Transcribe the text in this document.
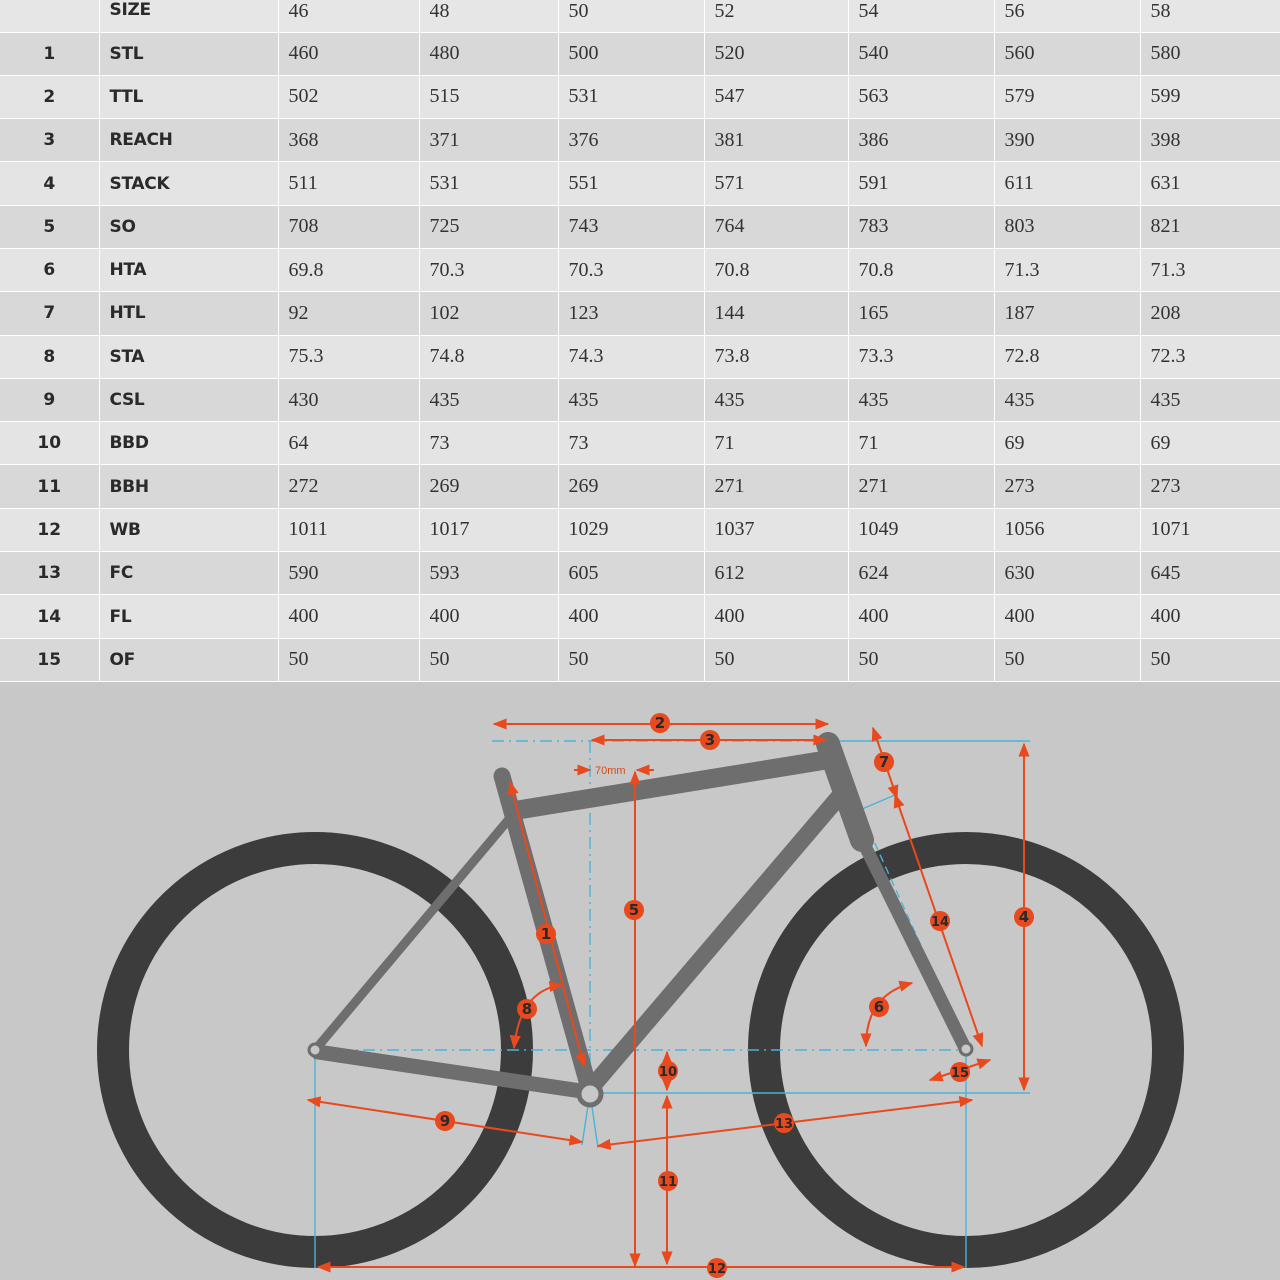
	SIZE	46	48	50	52	54	56	58
1	STL	460	480	500	520	540	560	580
2	TTL	502	515	531	547	563	579	599
3	REACH	368	371	376	381	386	390	398
4	STACK	511	531	551	571	591	611	631
5	SO	708	725	743	764	783	803	821
6	HTA	69.8	70.3	70.3	70.8	70.8	71.3	71.3
7	HTL	92	102	123	144	165	187	208
8	STA	75.3	74.8	74.3	73.8	73.3	72.8	72.3
9	CSL	430	435	435	435	435	435	435
10	BBD	64	73	73	71	71	69	69
11	BBH	272	269	269	271	271	273	273
12	WB	1011	1017	1029	1037	1049	1056	1071
13	FC	590	593	605	612	624	630	645
14	FL	400	400	400	400	400	400	400
15	OF	50	50	50	50	50	50	50
70mm
1
2
3
4
5
6
7
8
9
10
11
12
13
14
15
